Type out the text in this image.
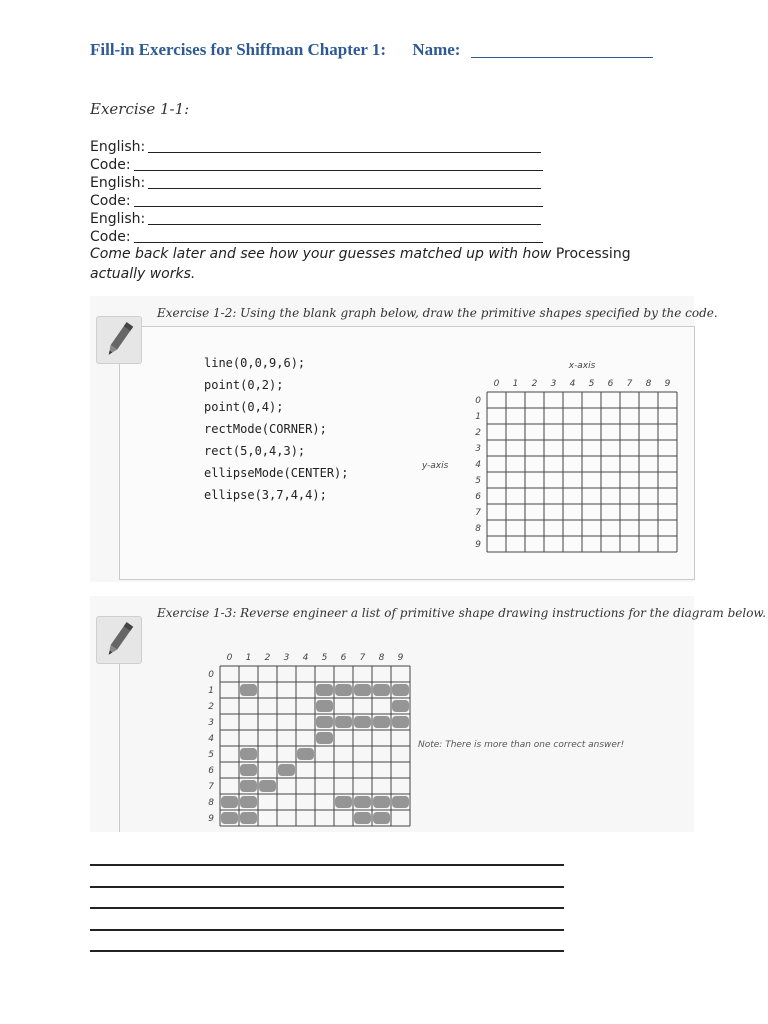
Fill-in Exercises for Shiffman Chapter 1: Name:
Exercise 1-1:
English:
Code:
English:
Code:
English:
Code:
Come back later and see how your guesses matched up with how Processing actually works.
Exercise 1-2: Using the blank graph below, draw the primitive shapes specified by the code.
line(0,0,9,6);
point(0,2);
point(0,4);
rectMode(CORNER);
rect(5,0,4,3);
ellipseMode(CENTER);
ellipse(3,7,4,4);
0 1 2 3 4 5 6 7 8 9
0
1
2
3
4
5
6
7
8
9
x-axis
y-axis
Exercise 1-3: Reverse engineer a list of primitive shape drawing instructions for the diagram below.
0 1 2 3 4 5 6 7 8 9
0
1
2
3
4
5
6
7
8
9
Note: There is more than one correct answer!
